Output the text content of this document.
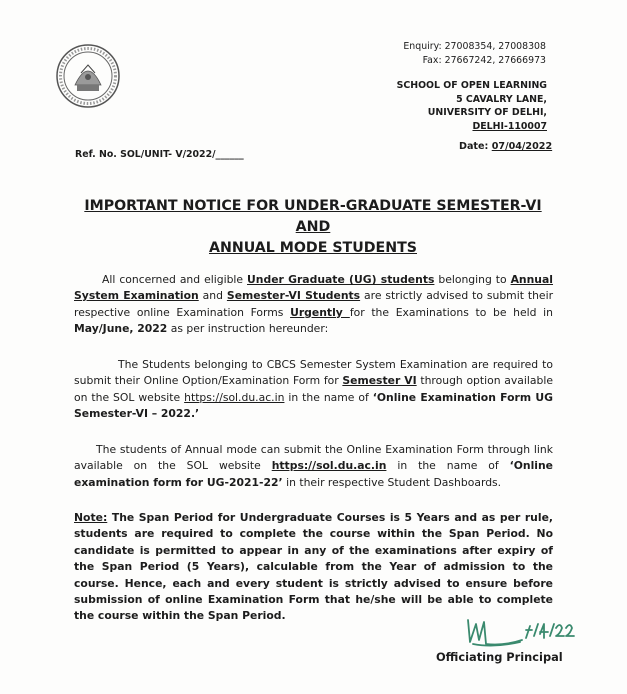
Enquiry: 27008354, 27008308
Fax: 27667242, 27666973
SCHOOL OF OPEN LEARNING
5 CAVALRY LANE,
UNIVERSITY OF DELHI,
DELHI-110007
Ref. No. SOL/UNIT- V/2022/______
Date: 07/04/2022
IMPORTANT NOTICE FOR UNDER-GRADUATE SEMESTER-VI AND
ANNUAL MODE STUDENTS
All concerned and eligible Under Graduate (UG) students belonging to Annual System Examination and Semester-VI Students are strictly advised to submit their respective online Examination Forms Urgently for the Examinations to be held in May/June, 2022 as per instruction hereunder:
The Students belonging to CBCS Semester System Examination are required to submit their Online Option/Examination Form for Semester VI through option available on the SOL website https://sol.du.ac.in in the name of ‘Online Examination Form UG Semester-VI – 2022.’
The students of Annual mode can submit the Online Examination Form through link available on the SOL website https://sol.du.ac.in in the name of ‘Online examination form for UG-2021-22’ in their respective Student Dashboards.
Note: The Span Period for Undergraduate Courses is 5 Years and as per rule, students are required to complete the course within the Span Period. No candidate is permitted to appear in any of the examinations after expiry of the Span Period (5 Years), calculable from the Year of admission to the course. Hence, each and every student is strictly advised to ensure before submission of online Examination Form that he/she will be able to complete the course within the Span Period.
Officiating Principal
